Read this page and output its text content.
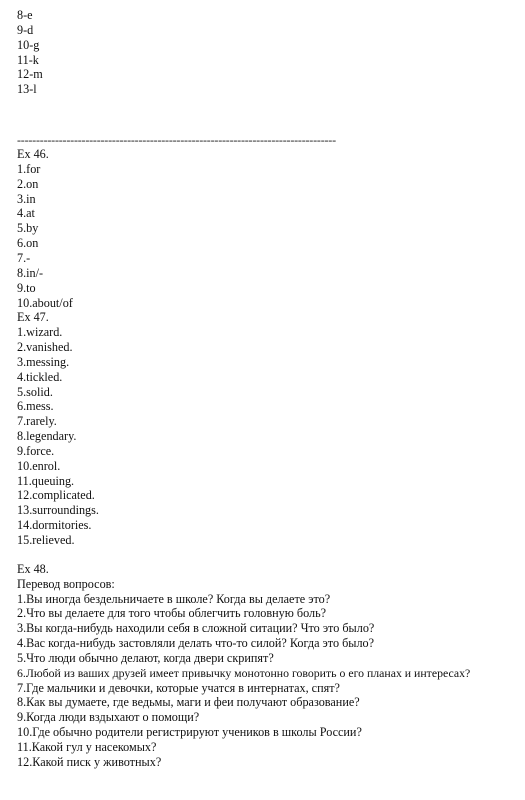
8-e
9-d
10-g
11-k
12-m
13-l
------------------------------------------------------------------------------------
Ex 46.
1.for
2.on
3.in
4.at
5.by
6.on
7.-
8.in/-
9.to
10.about/of
Ex 47.
1.wizard.
2.vanished.
3.messing.
4.tickled.
5.solid.
6.mess.
7.rarely.
8.legendary.
9.force.
10.enrol.
11.queuing.
12.complicated.
13.surroundings.
14.dormitories.
15.relieved.
Ex 48.
Перевод вопросов:
1.Вы иногда бездельничаете в школе? Когда вы делаете это?
2.Что вы делаете для того чтобы облегчить головную боль?
3.Вы когда-нибудь находили себя в сложной ситации? Что это было?
4.Вас когда-нибудь застовляли делать что-то силой? Когда это было?
5.Что люди обычно делают, когда двери скрипят?
6.Любой из ваших друзей имеет привычку монотонно говорить о его планах и интересах?
7.Где мальчики и девочки, которые учатся в интернатах, спят?
8.Как вы думаете, где ведьмы, маги и феи получают образование?
9.Когда люди вздыхают о помощи?
10.Где обычно родители регистрируют учеников в школы России?
11.Какой гул у насекомых?
12.Какой писк у животных?
